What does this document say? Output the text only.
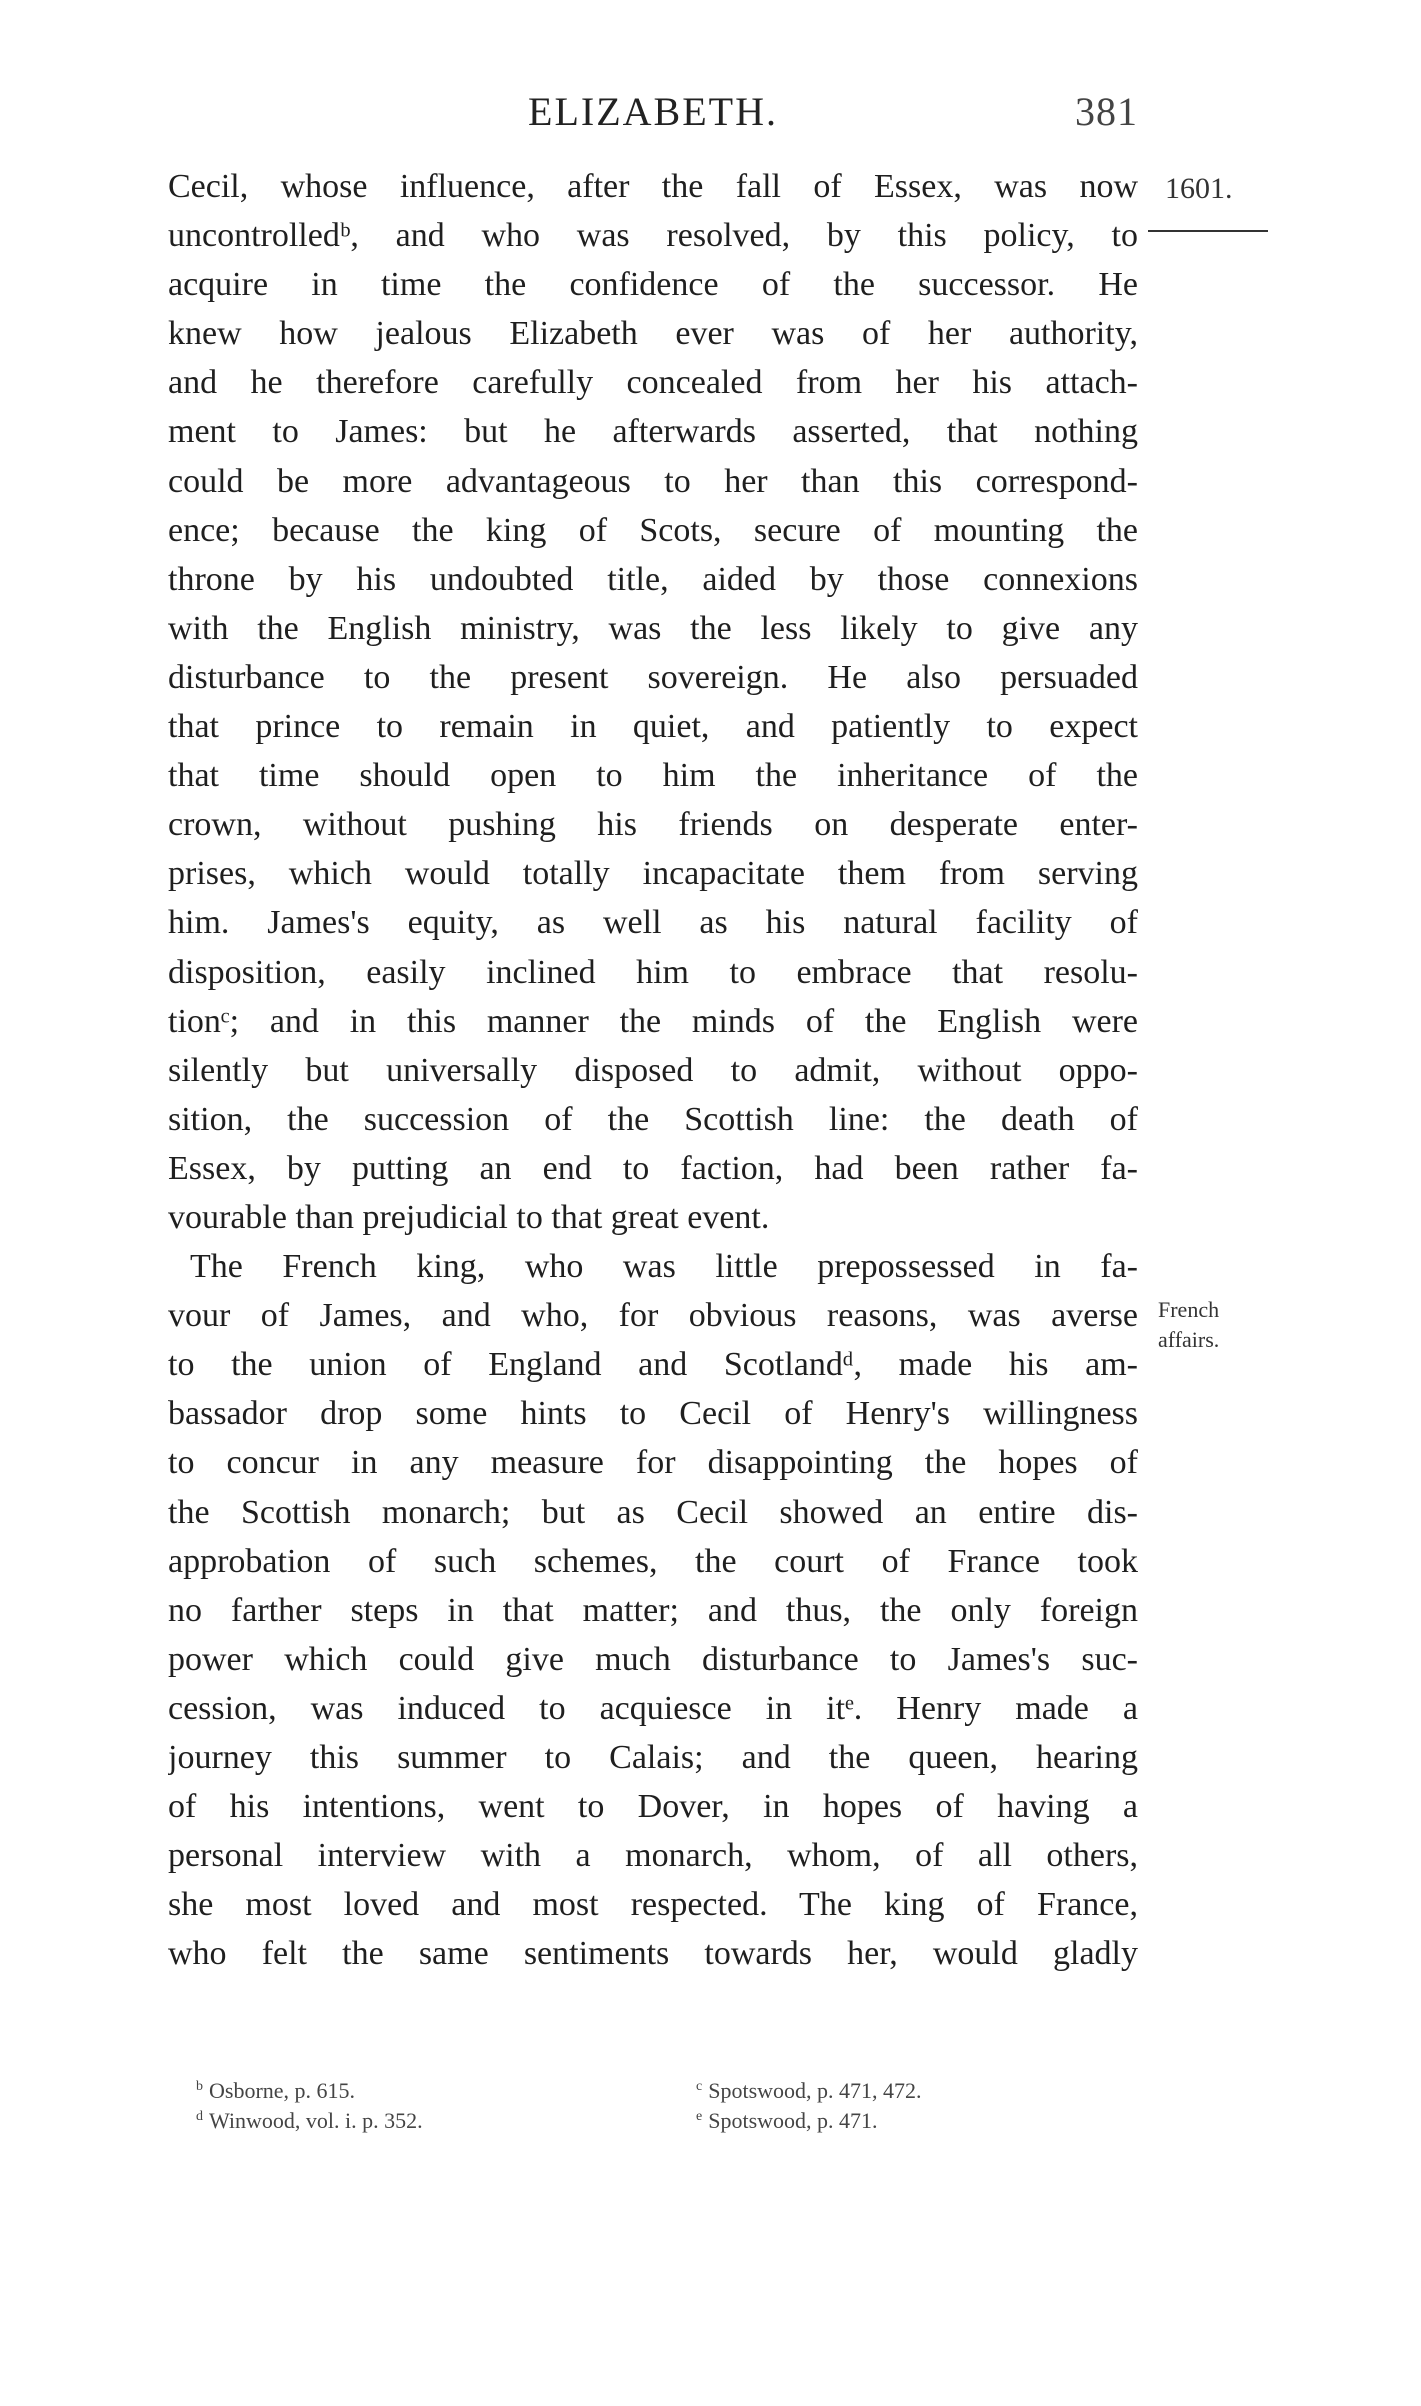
ELIZABETH.	381
1601.
French
affairs.
Cecil, whose influence, after the fall of Essex, was now
uncontrolledᵇ, and who was resolved, by this policy, to
acquire in time the confidence of the successor. He
knew how jealous Elizabeth ever was of her authority,
and he therefore carefully concealed from her his attach-
ment to James: but he afterwards asserted, that nothing
could be more advantageous to her than this correspond-
ence; because the king of Scots, secure of mounting the
throne by his undoubted title, aided by those connexions
with the English ministry, was the less likely to give any
disturbance to the present sovereign. He also persuaded
that prince to remain in quiet, and patiently to expect
that time should open to him the inheritance of the
crown, without pushing his friends on desperate enter-
prises, which would totally incapacitate them from serving
him. James's equity, as well as his natural facility of
disposition, easily inclined him to embrace that resolu-
tionᶜ; and in this manner the minds of the English were
silently but universally disposed to admit, without oppo-
sition, the succession of the Scottish line: the death of
Essex, by putting an end to faction, had been rather fa-
vourable than prejudicial to that great event.
The French king, who was little prepossessed in fa-
vour of James, and who, for obvious reasons, was averse
to the union of England and Scotlandᵈ, made his am-
bassador drop some hints to Cecil of Henry's willingness
to concur in any measure for disappointing the hopes of
the Scottish monarch; but as Cecil showed an entire dis-
approbation of such schemes, the court of France took
no farther steps in that matter; and thus, the only foreign
power which could give much disturbance to James's suc-
cession, was induced to acquiesce in itᵉ. Henry made a
journey this summer to Calais; and the queen, hearing
of his intentions, went to Dover, in hopes of having a
personal interview with a monarch, whom, of all others,
she most loved and most respected. The king of France,
who felt the same sentiments towards her, would gladly
$^b$ Osborne, p. 615.	$^c$ Spotswood, p. 471, 472.
$^d$ Winwood, vol. i. p. 352.	$^e$ Spotswood, p. 471.
